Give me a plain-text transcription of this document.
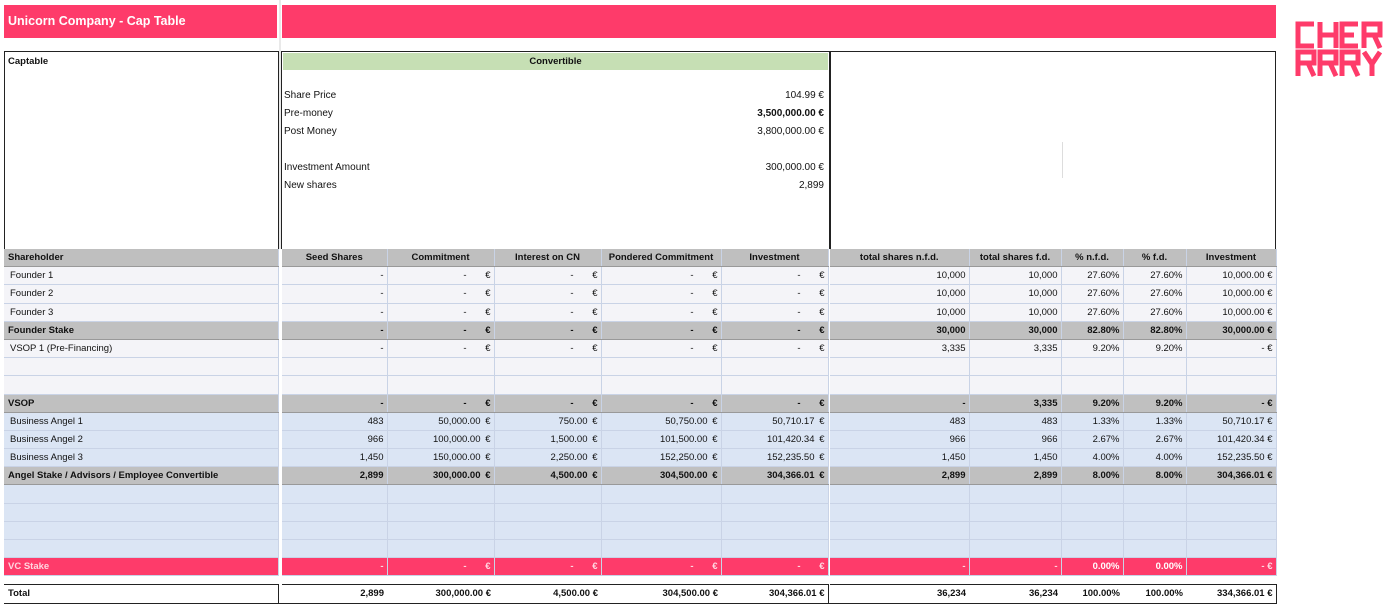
Unicorn Company - Cap Table
Captable	Convertible
Share Price	104.99 €
Pre-money	3,500,000.00 €
Post Money	3,800,000.00 €
Investment Amount	300,000.00 €
New shares	2,899
Shareholder		Seed Shares	Commitment	Interest on CN	Pondered Commitment	Investment		total shares n.f.d.	total shares f.d.	% n.f.d.	% f.d.	Investment
Founder 1		-	- €	- €	- €	- €		10,000	10,000	27.60%	27.60%	10,000.00 €
Founder 2		-	- €	- €	- €	- €		10,000	10,000	27.60%	27.60%	10,000.00 €
Founder 3		-	- €	- €	- €	- €		10,000	10,000	27.60%	27.60%	10,000.00 €
Founder Stake		-	- €	- €	- €	- €		30,000	30,000	82.80%	82.80%	30,000.00 €
VSOP 1 (Pre-Financing)		-	- €	- €	- €	- €		3,335	3,335	9.20%	9.20%	- €

VSOP		-	- €	- €	- €	- €		-	3,335	9.20%	9.20%	- €
Business Angel 1		483	50,000.00 €	750.00 €	50,750.00 €	50,710.17 €		483	483	1.33%	1.33%	50,710.17 €
Business Angel 2		966	100,000.00 €	1,500.00 €	101,500.00 €	101,420.34 €		966	966	2.67%	2.67%	101,420.34 €
Business Angel 3		1,450	150,000.00 €	2,250.00 €	152,250.00 €	152,235.50 €		1,450	1,450	4.00%	4.00%	152,235.50 €
Angel Stake / Advisors / Employee Convertible		2,899	300,000.00 €	4,500.00 €	304,500.00 €	304,366.01 €		2,899	2,899	8.00%	8.00%	304,366.01 €

VC Stake		-	- €	- €	- €	- €		-	-	0.00%	0.00%	- €

Total		2,899	300,000.00 €	4,500.00 €	304,500.00 €	304,366.01 €		36,234	36,234	100.00%	100.00%	334,366.01 €
